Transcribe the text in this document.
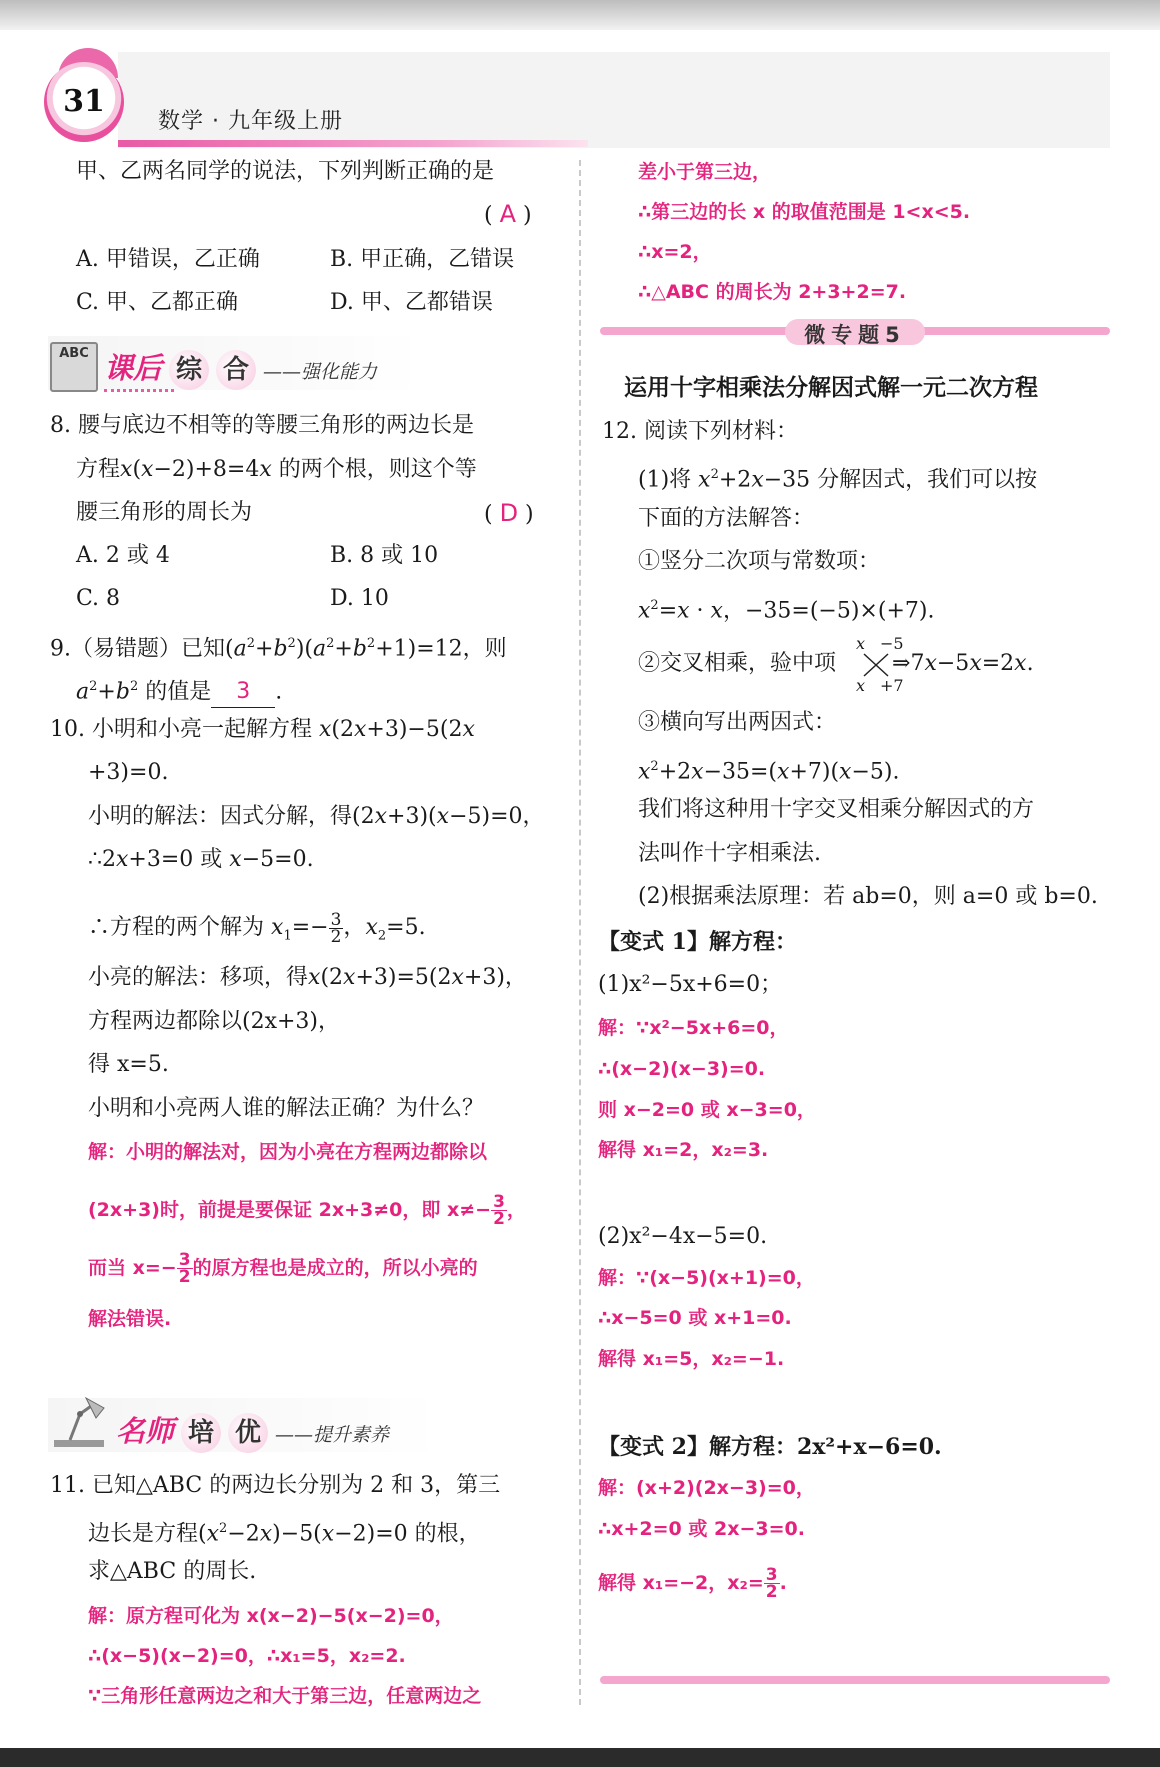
31
数学 · 九年级上册
甲、乙两名同学的说法，下列判断正确的是
( A )
A. 甲错误，乙正确	B. 甲正确，乙错误
C. 甲、乙都正确	D. 甲、乙都错误
ABC 课后 综 合 ——强化能力
8. 腰与底边不相等的等腰三角形的两边长是
方程x(x−2)+8=4x 的两个根，则这个等
腰三角形的周长为	( D )
A. 2 或 4	B. 8 或 10
C. 8	D. 10
9.（易错题）已知$(a^2+b^2)(a^2+b^2+1)=12$，则
$a^2+b^2$ 的值是 3 .
10. 小明和小亮一起解方程 x(2x+3)−5(2x
+3)=0.
小明的解法：因式分解，得(2x+3)(x−5)=0，
∴2x+3=0 或 x−5=0.
∴方程的两个解为 $x_1=- \frac{3}{2}$ ，$x_2=5$.
小亮的解法：移项，得x(2x+3)=5(2x+3)，
方程两边都除以(2x+3)，
得 x=5.
小明和小亮两人谁的解法正确？为什么？
解：小明的解法对，因为小亮在方程两边都除以
(2x+3)时，前提是要保证 2x+3≠0，即 $x\ne- \frac{3}{2}$ ，
而当 $x=- \frac{3}{2}$ 的原方程也是成立的，所以小亮的
解法错误.
名师 培 优 ——提升素养
11. 已知△ABC 的两边长分别为 2 和 3，第三
边长是方程$(x^2-2x)-5(x-2)=0$ 的根，
求△ABC 的周长.
解：原方程可化为 x(x−2)−5(x−2)=0，
∴(x−5)(x−2)=0，∴x₁=5，x₂=2.
∵三角形任意两边之和大于第三边，任意两边之
差小于第三边，
∴第三边的长 x 的取值范围是 1<x<5.
∴x=2，
∴△ABC 的周长为 2+3+2=7.
微专题5
运用十字相乘法分解因式解一元二次方程
12. 阅读下列材料：
(1)将 $x^2+2x-35$ 分解因式，我们可以按
下面的方法解答：
①竖分二次项与常数项：
$x^2=x \cdot x$，−35=(−5)×(+7).
②交叉相乘，验中项	⇒7x−5x=2x.
x −5
x +7
③横向写出两因式：
$x^2+2x-35=(x+7)(x-5)$.
我们将这种用十字交叉相乘分解因式的方
法叫作十字相乘法.
(2)根据乘法原理：若 ab=0，则 a=0 或 b=0.
【变式 1】解方程：
(1)x²−5x+6=0；
解：∵x²−5x+6=0，
∴(x−2)(x−3)=0.
则 x−2=0 或 x−3=0，
解得 x₁=2，x₂=3.
(2)x²−4x−5=0.
解：∵(x−5)(x+1)=0，
∴x−5=0 或 x+1=0.
解得 x₁=5，x₂=−1.
【变式 2】解方程：2x²+x−6=0.
解：(x+2)(2x−3)=0，
∴x+2=0 或 2x−3=0.
解得 x₁=−2，$x_2= \frac{3}{2}$ .
